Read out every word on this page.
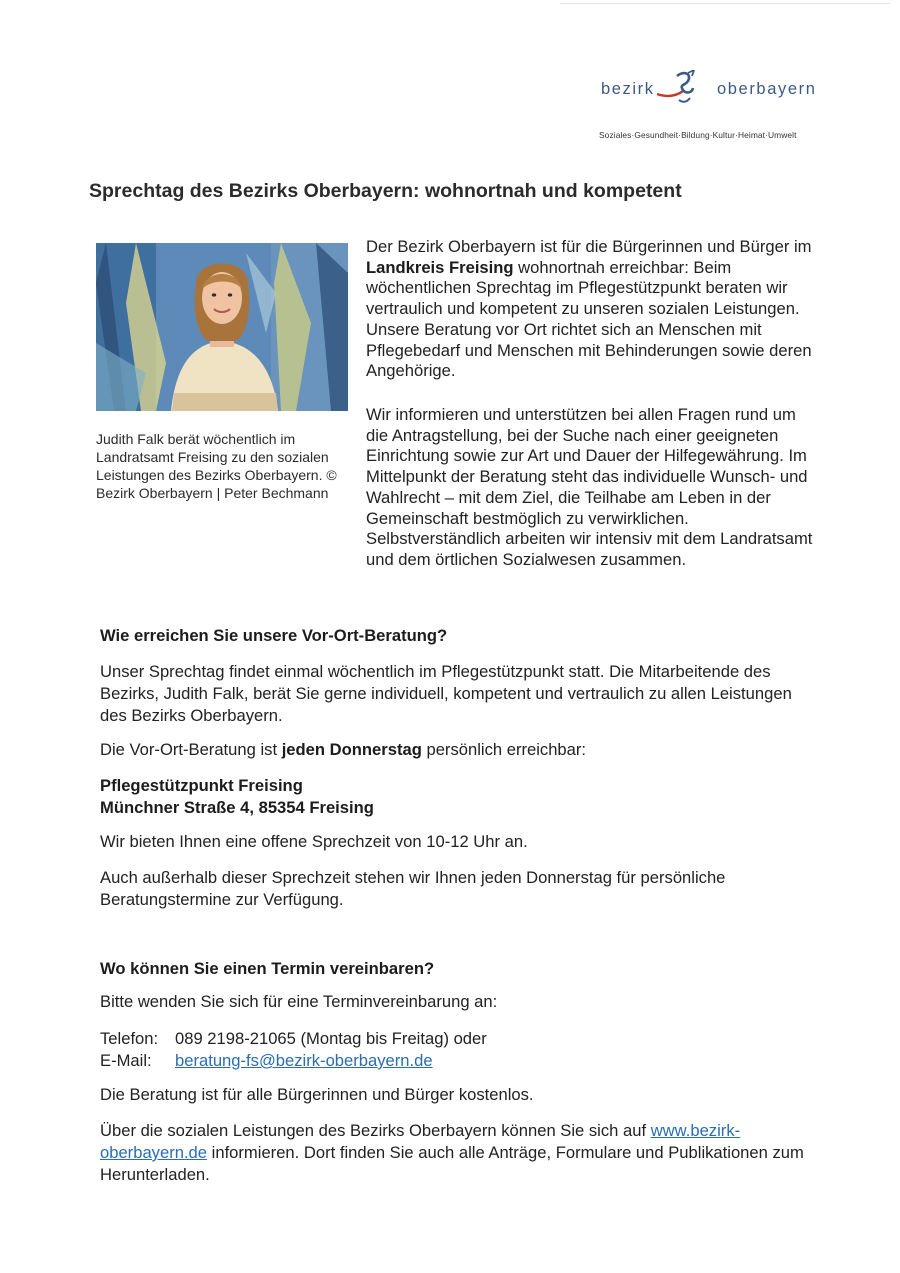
bezirk	oberbayern
Soziales·Gesundheit·Bildung·Kultur·Heimat·Umwelt
Sprechtag des Bezirks Oberbayern: wohnortnah und kompetent

Judith Falk berät wöchentlich im Landratsamt Freising zu den sozialen Leistungen des Bezirks Oberbayern. © Bezirk Oberbayern | Peter Bechmann

Der Bezirk Oberbayern ist für die Bürgerinnen und Bürger im Landkreis Freising wohnortnah erreichbar: Beim wöchentlichen Sprechtag im Pflegestützpunkt beraten wir vertraulich und kompetent zu unseren sozialen Leistungen. Unsere Beratung vor Ort richtet sich an Menschen mit Pflegebedarf und Menschen mit Behinderungen sowie deren Angehörige.

Wir informieren und unterstützen bei allen Fragen rund um die Antragstellung, bei der Suche nach einer geeigneten Einrichtung sowie zur Art und Dauer der Hilfegewährung. Im Mittelpunkt der Beratung steht das individuelle Wunsch- und Wahlrecht – mit dem Ziel, die Teilhabe am Leben in der Gemeinschaft bestmöglich zu verwirklichen. Selbstverständlich arbeiten wir intensiv mit dem Landratsamt und dem örtlichen Sozialwesen zusammen.

Wie erreichen Sie unsere Vor-Ort-Beratung?

Unser Sprechtag findet einmal wöchentlich im Pflegestützpunkt statt. Die Mitarbeitende des Bezirks, Judith Falk, berät Sie gerne individuell, kompetent und vertraulich zu allen Leistungen des Bezirks Oberbayern.

Die Vor-Ort-Beratung ist jeden Donnerstag persönlich erreichbar:

Pflegestützpunkt Freising
Münchner Straße 4, 85354 Freising

Wir bieten Ihnen eine offene Sprechzeit von 10-12 Uhr an.

Auch außerhalb dieser Sprechzeit stehen wir Ihnen jeden Donnerstag für persönliche Beratungstermine zur Verfügung.

Wo können Sie einen Termin vereinbaren?

Bitte wenden Sie sich für eine Terminvereinbarung an:

Telefon: 089 2198-21065 (Montag bis Freitag) oder
E-Mail: beratung-fs@bezirk-oberbayern.de

Die Beratung ist für alle Bürgerinnen und Bürger kostenlos.

Über die sozialen Leistungen des Bezirks Oberbayern können Sie sich auf www.bezirk-oberbayern.de informieren. Dort finden Sie auch alle Anträge, Formulare und Publikationen zum Herunterladen.
